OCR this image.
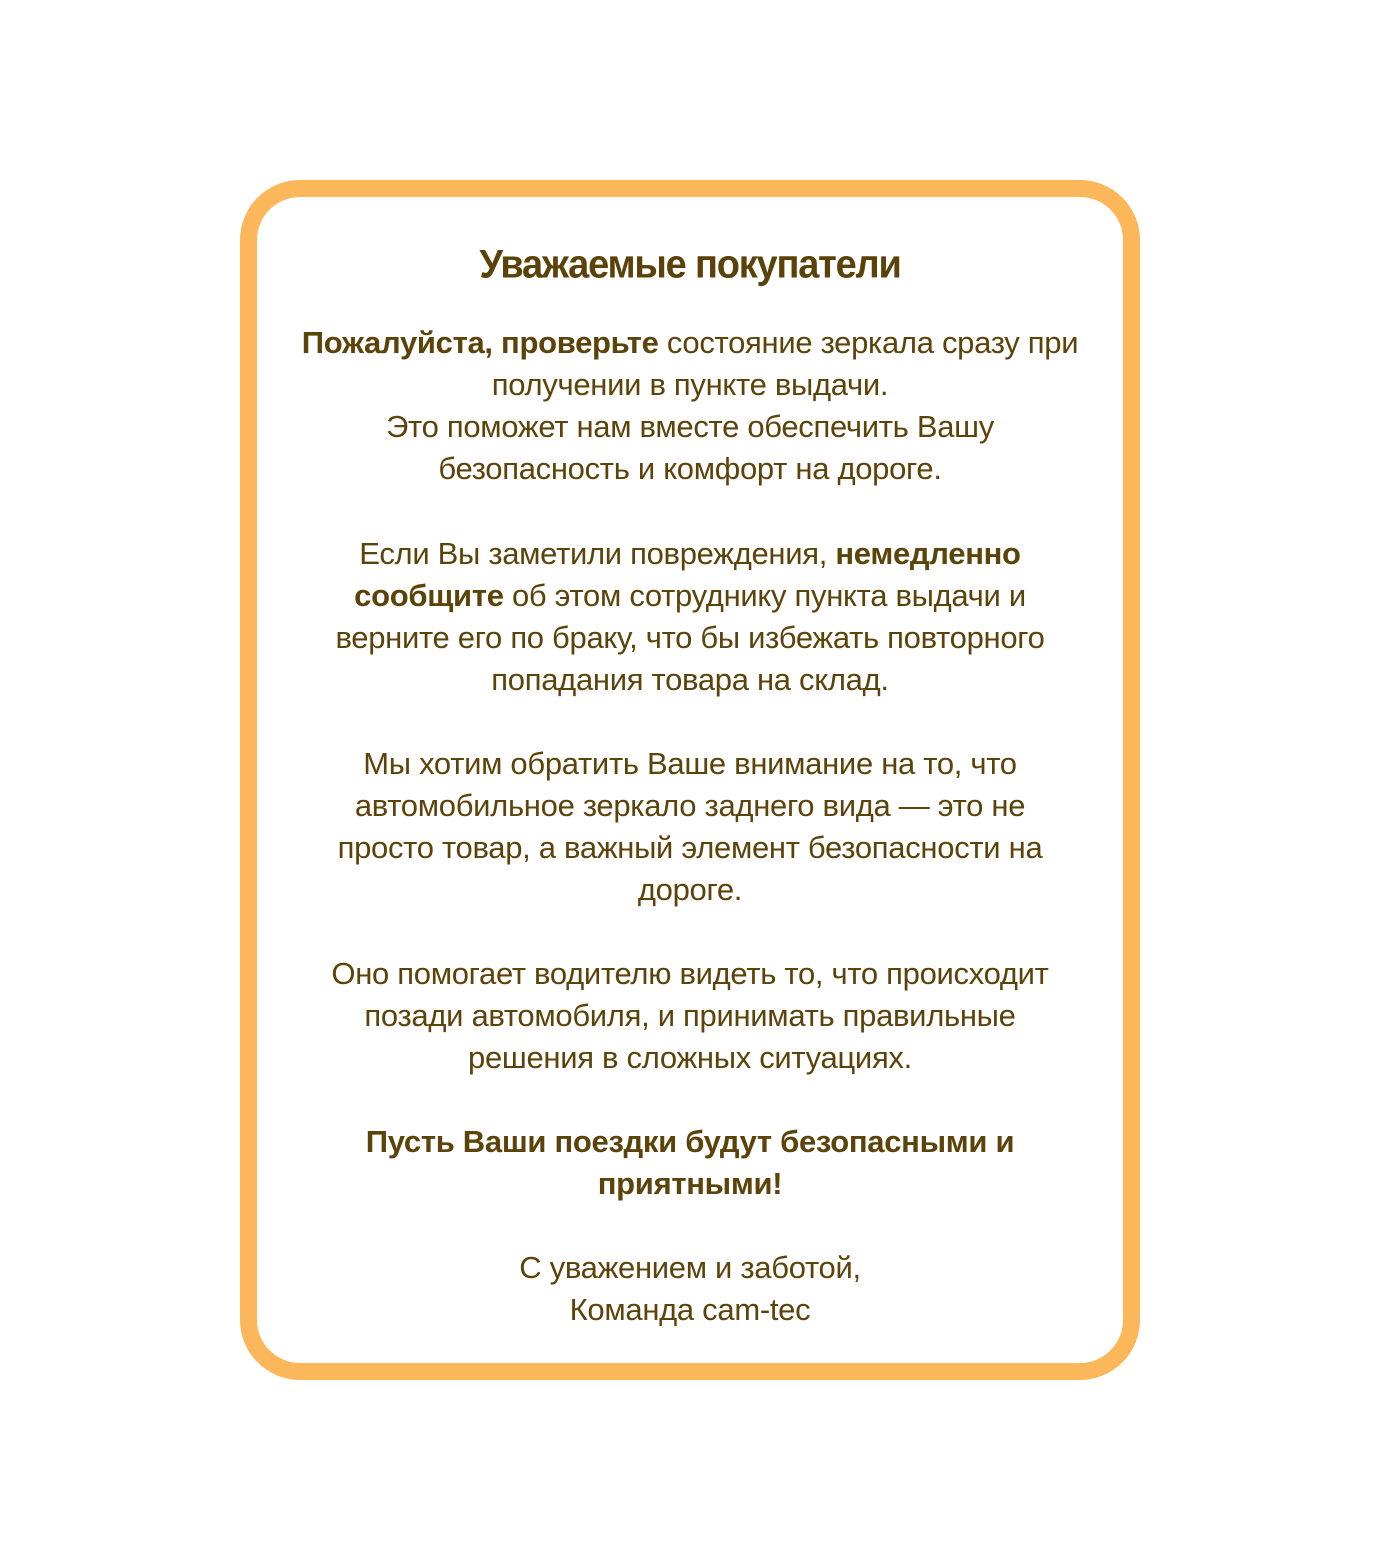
Уважаемые покупатели
Пожалуйста, проверьте состояние зеркала сразу при
получении в пункте выдачи.
Это поможет нам вместе обеспечить Вашу
безопасность и комфорт на дороге.
Если Вы заметили повреждения, немедленно
сообщите об этом сотруднику пункта выдачи и
верните его по браку, что бы избежать повторного
попадания товара на склад.
Мы хотим обратить Ваше внимание на то, что
автомобильное зеркало заднего вида — это не
просто товар, а важный элемент безопасности на
дороге.
Оно помогает водителю видеть то, что происходит
позади автомобиля, и принимать правильные
решения в сложных ситуациях.
Пусть Ваши поездки будут безопасными и
приятными!
С уважением и заботой,
Команда cam-tec
